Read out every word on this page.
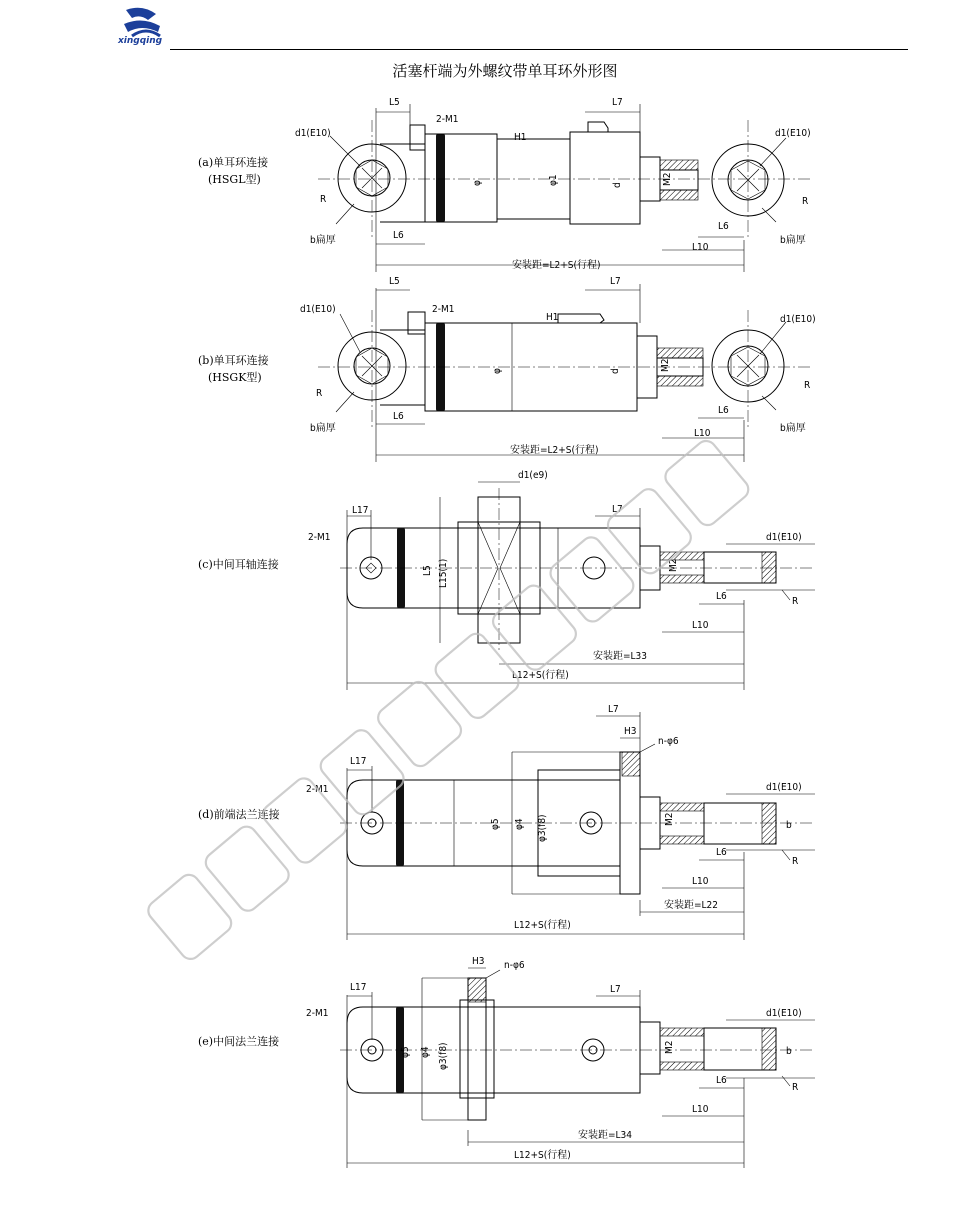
xingqing
活塞杆端为外螺纹带单耳环外形图
(a)单耳环连接
(HSGL型)
(b)单耳环连接
(HSGK型)
(c)中间耳轴连接
(d)前端法兰连接
(e)中间法兰连接
L5	L7
2-M1
d1(E10)	d1(E10)
R	R
b扁厚	b扁厚
L6
L6
L10
安装距=L2+S(行程)
d	M2
φ	φ1
H1
L5	L7
2-M1
d1(E10)
d1(E10)
R
R
b扁厚	b扁厚
L6
L6
L10
安装距=L2+S(行程)
d	M2
φ
H1
L17
2-M1
d1(e9)
L7
d1(E10)
L6
L10
R
安装距=L33
L12+S(行程)
M2
L5 L15(1)
L17
2-M1
L7
H3
n-φ6
d1(E10)
L6
L10
R
b
安装距=L22
L12+S(行程)
M2
φ5 φ4 φ3(f8)
L17
2-M1
H3 n-φ6
L7
d1(E10)
L6
L10
R
b
安装距=L34
L12+S(行程)
M2
φ5 φ4 φ3(f8)
